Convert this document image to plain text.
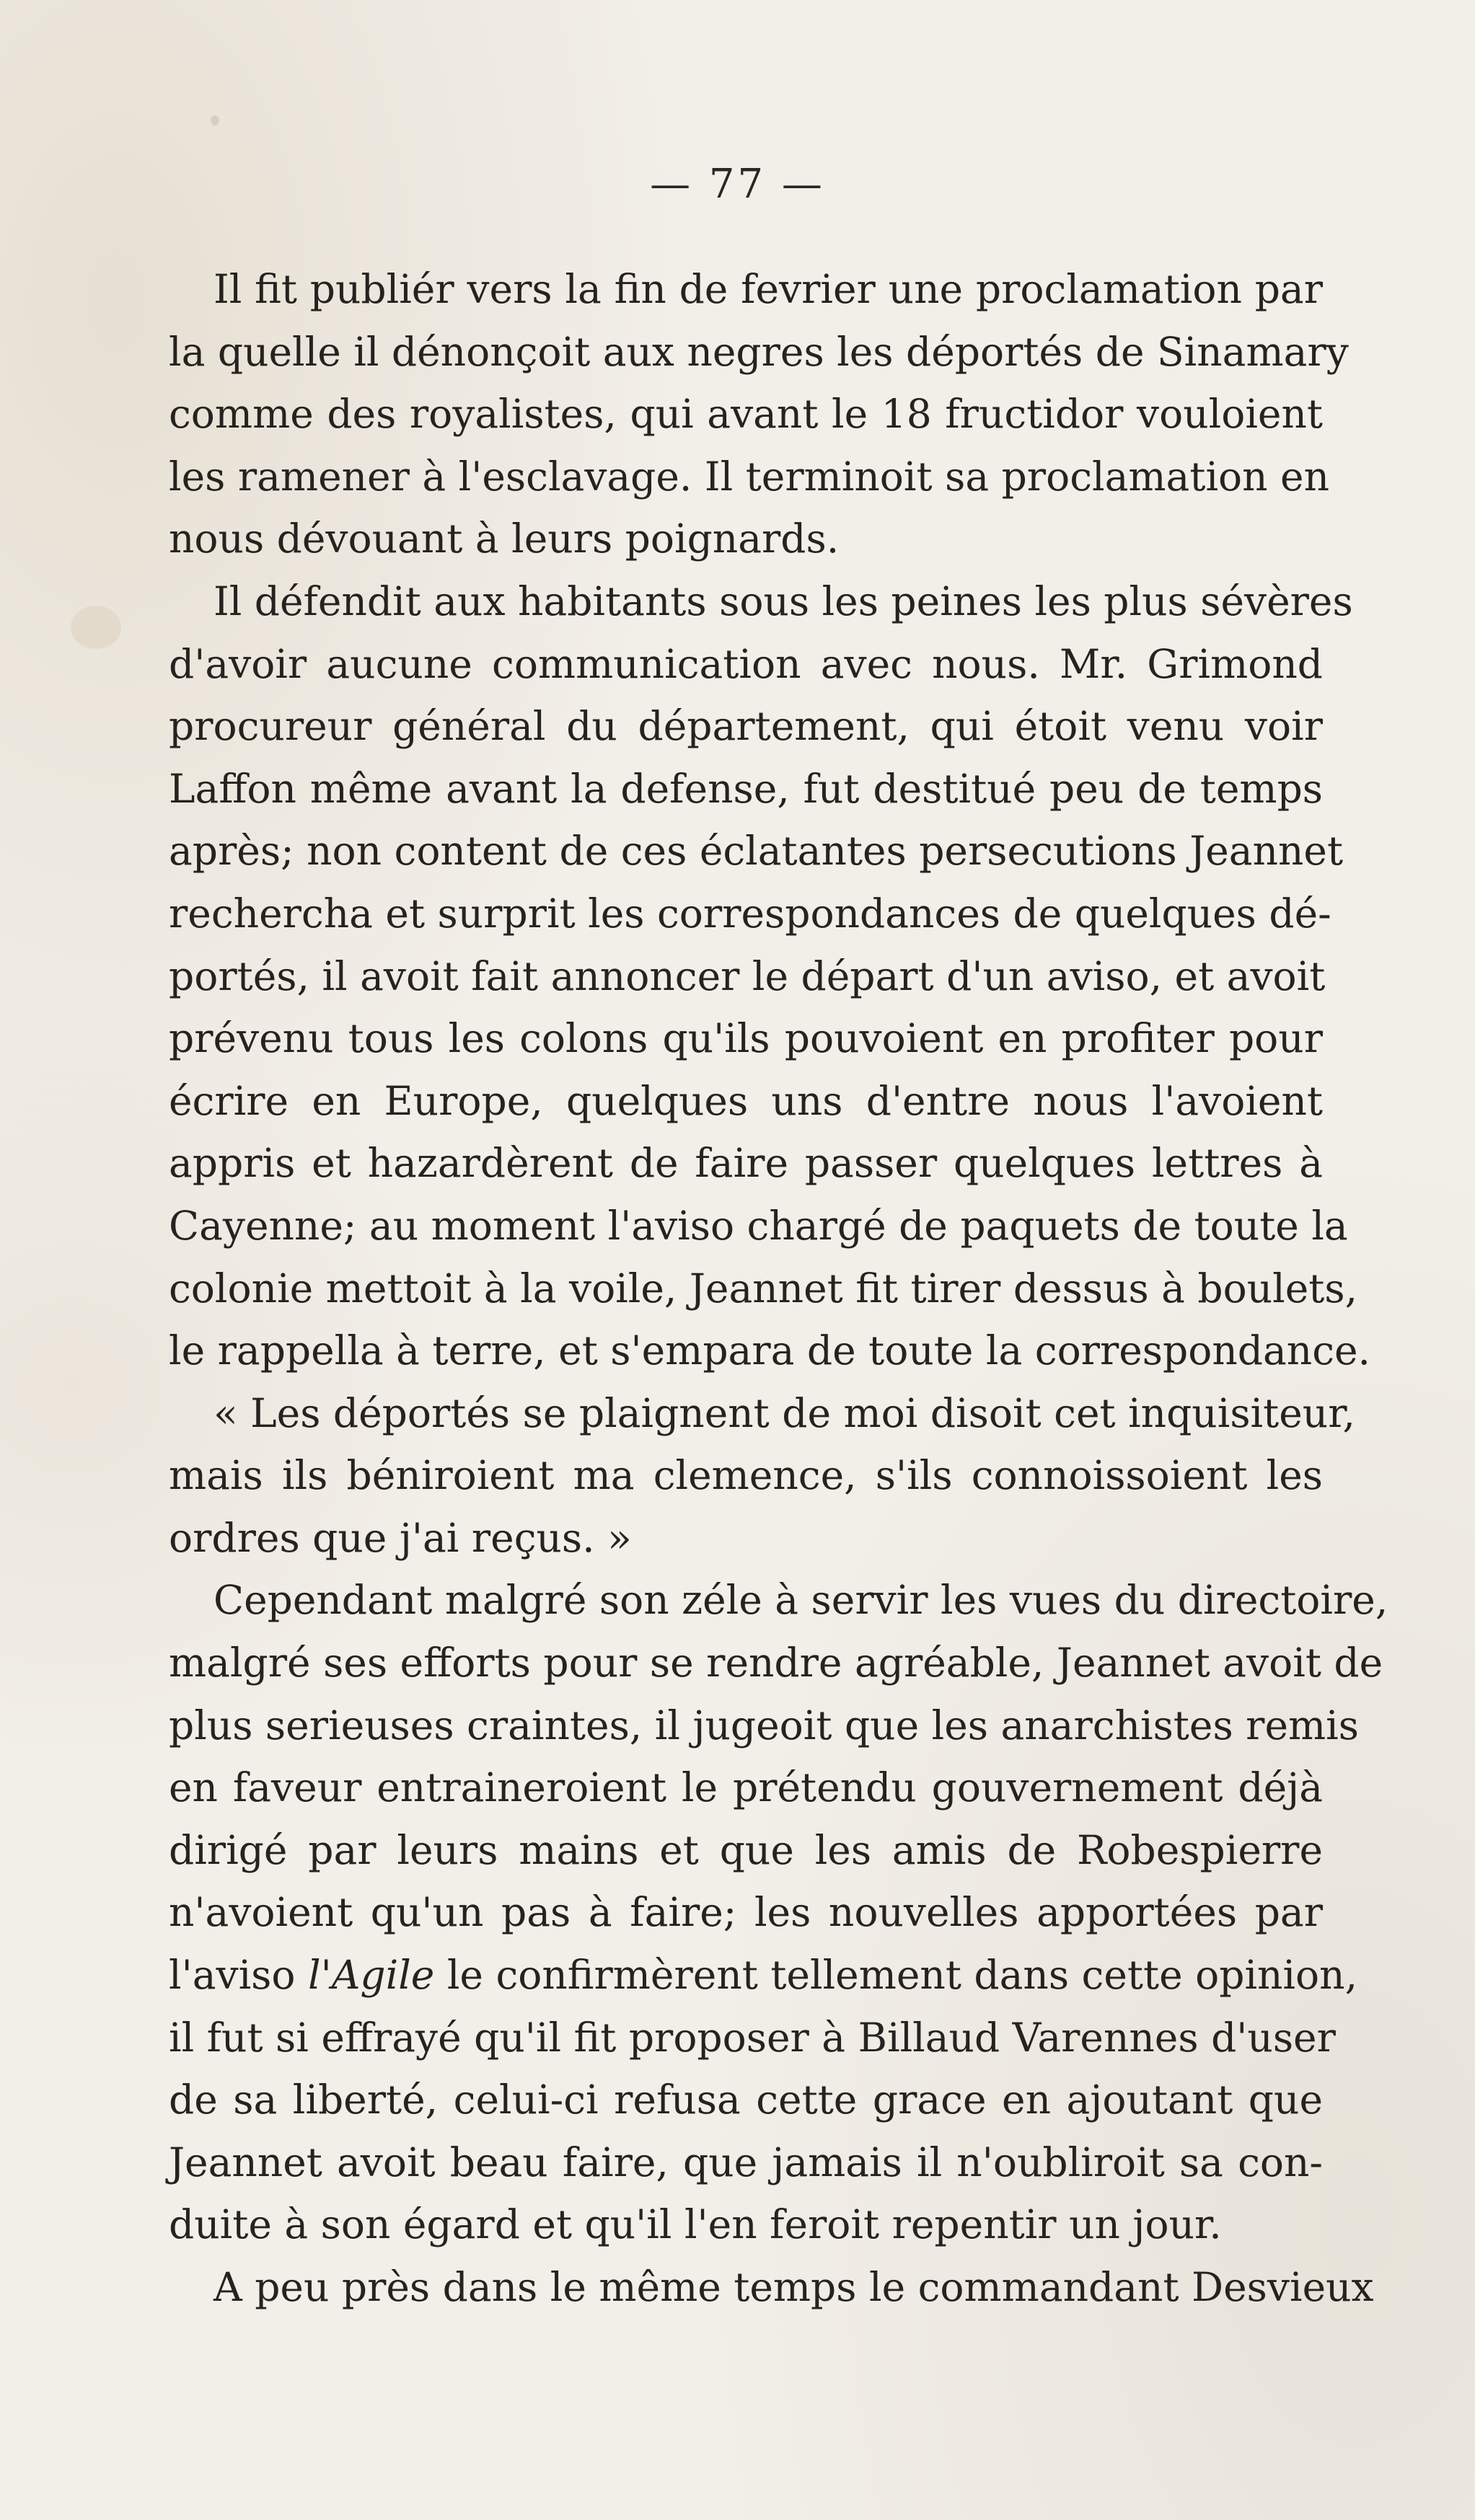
— 77 —
Il fit publiér vers la fin de fevrier une proclamation par
la quelle il dénonçoit aux negres les déportés de Sinamary
comme des royalistes, qui avant le 18 fructidor vouloient
les ramener à l'esclavage. Il terminoit sa proclamation en
nous dévouant à leurs poignards.
Il défendit aux habitants sous les peines les plus sévères
d'avoir aucune communication avec nous. Mr. Grimond
procureur général du département, qui étoit venu voir
Laffon même avant la defense, fut destitué peu de temps
après; non content de ces éclatantes persecutions Jeannet
rechercha et surprit les correspondances de quelques dé-
portés, il avoit fait annoncer le départ d'un aviso, et avoit
prévenu tous les colons qu'ils pouvoient en profiter pour
écrire en Europe, quelques uns d'entre nous l'avoient
appris et hazardèrent de faire passer quelques lettres à
Cayenne; au moment l'aviso chargé de paquets de toute la
colonie mettoit à la voile, Jeannet fit tirer dessus à boulets,
le rappella à terre, et s'empara de toute la correspondance.
« Les déportés se plaignent de moi disoit cet inquisiteur,
mais ils béniroient ma clemence, s'ils connoissoient les
ordres que j'ai reçus. »
Cependant malgré son zéle à servir les vues du directoire,
malgré ses efforts pour se rendre agréable, Jeannet avoit de
plus serieuses craintes, il jugeoit que les anarchistes remis
en faveur entraineroient le prétendu gouvernement déjà
dirigé par leurs mains et que les amis de Robespierre
n'avoient qu'un pas à faire; les nouvelles apportées par
l'aviso l'Agile le confirmèrent tellement dans cette opinion,
il fut si effrayé qu'il fit proposer à Billaud Varennes d'user
de sa liberté, celui-ci refusa cette grace en ajoutant que
Jeannet avoit beau faire, que jamais il n'oubliroit sa con-
duite à son égard et qu'il l'en feroit repentir un jour.
A peu près dans le même temps le commandant Desvieux
